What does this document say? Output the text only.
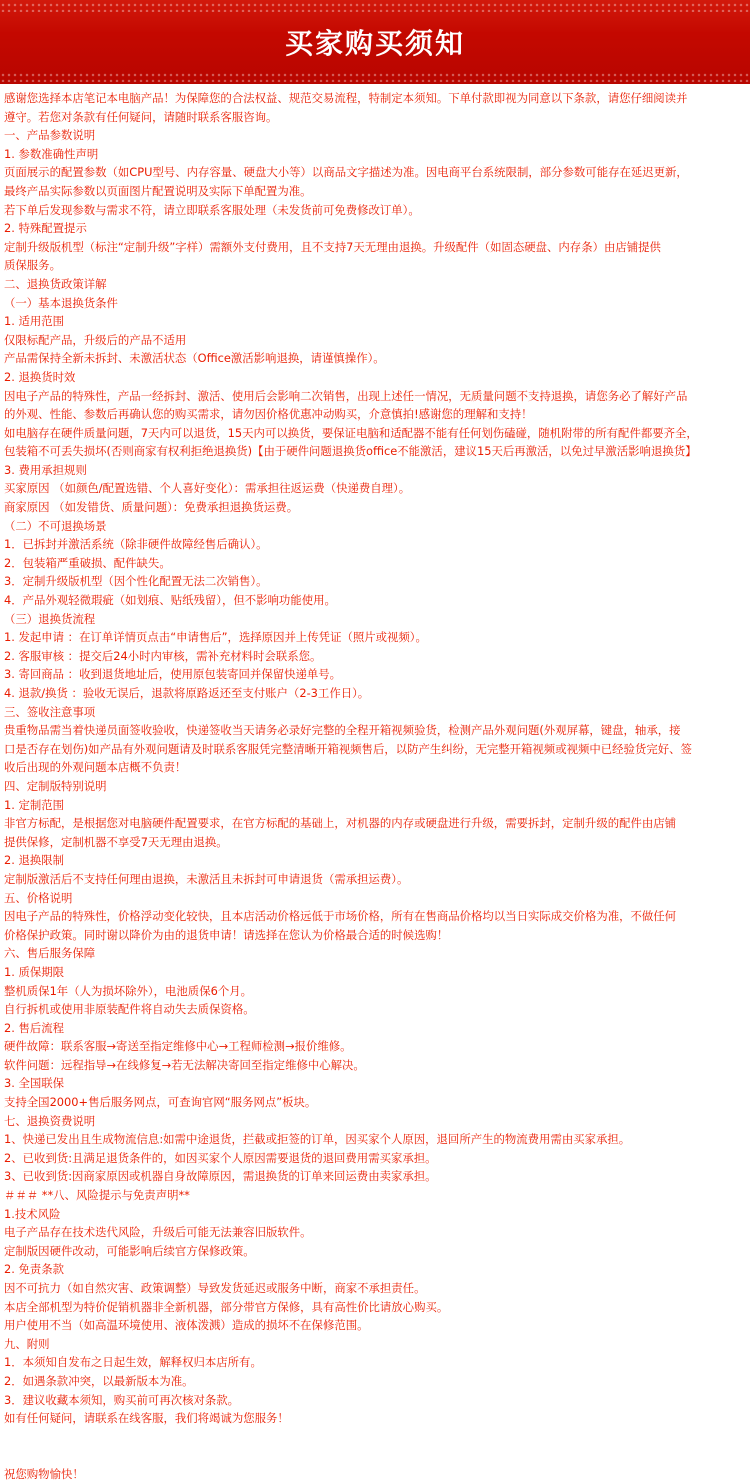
买家购买须知
感谢您选择本店笔记本电脑产品！为保障您的合法权益、规范交易流程，特制定本须知。下单付款即视为同意以下条款，请您仔细阅读并
遵守。若您对条款有任何疑问，请随时联系客服咨询。
一、产品参数说明
1. 参数准确性声明
页面展示的配置参数（如CPU型号、内存容量、硬盘大小等）以商品文字描述为准。因电商平台系统限制，部分参数可能存在延迟更新，
最终产品实际参数以页面图片配置说明及实际下单配置为准。
若下单后发现参数与需求不符，请立即联系客服处理（未发货前可免费修改订单）。
2. 特殊配置提示
定制升级版机型（标注“定制升级”字样）需额外支付费用，且不支持7天无理由退换。升级配件（如固态硬盘、内存条）由店铺提供
质保服务。
二、退换货政策详解
（一）基本退换货条件
1. 适用范围
仅限标配产品，升级后的产品不适用
产品需保持全新未拆封、未激活状态（Office激活影响退换，请谨慎操作）。
2. 退换货时效
因电子产品的特殊性，产品一经拆封、激活、使用后会影响二次销售，出现上述任一情况，无质量问题不支持退换，请您务必了解好产品
的外观、性能、参数后再确认您的购买需求，请勿因价格优惠冲动购买，介意慎拍!感谢您的理解和支持！
如电脑存在硬件质量问题，7天内可以退货，15天内可以换货，要保证电脑和适配器不能有任何划伤磕碰，随机附带的所有配件都要齐全，
包装箱不可丢失损坏(否则商家有权利拒绝退换货)【由于硬件问题退换货office不能激活，建议15天后再激活，以免过早激活影响退换货】
3. 费用承担规则
买家原因 （如颜色/配置选错、个人喜好变化）：需承担往返运费（快递费自理）。
商家原因 （如发错货、质量问题）：免费承担退换货运费。
（二）不可退换场景
1．已拆封并激活系统（除非硬件故障经售后确认）。
2．包装箱严重破损、配件缺失。
3．定制升级版机型（因个性化配置无法二次销售）。
4．产品外观轻微瑕疵（如划痕、贴纸残留），但不影响功能使用。
（三）退换货流程
1. 发起申请 ：在订单详情页点击“申请售后”，选择原因并上传凭证（照片或视频）。
2. 客服审核 ：提交后24小时内审核，需补充材料时会联系您。
3. 寄回商品 ：收到退货地址后，使用原包装寄回并保留快递单号。
4. 退款/换货 ：验收无误后，退款将原路返还至支付账户（2-3工作日）。
三、签收注意事项
贵重物品需当着快递员面签收验收，快递签收当天请务必录好完整的全程开箱视频验货，检测产品外观问题(外观屏幕，键盘，轴承，接
口是否存在划伤)如产品有外观问题请及时联系客服凭完整清晰开箱视频售后，以防产生纠纷，无完整开箱视频或视频中已经验货完好、签
收后出现的外观问题本店概不负责！
四、定制版特别说明
1. 定制范围
非官方标配，是根据您对电脑硬件配置要求，在官方标配的基础上，对机器的内存或硬盘进行升级，需要拆封，定制升级的配件由店铺
提供保修，定制机器不享受7天无理由退换。
2. 退换限制
定制版激活后不支持任何理由退换，未激活且未拆封可申请退货（需承担运费）。
五、价格说明
因电子产品的特殊性，价格浮动变化较快，且本店活动价格远低于市场价格，所有在售商品价格均以当日实际成交价格为准，不做任何
价格保护政策。同时谢以降价为由的退货申请！请选择在您认为价格最合适的时候选购！
六、售后服务保障
1. 质保期限
整机质保1年（人为损坏除外），电池质保6个月。
自行拆机或使用非原装配件将自动失去质保资格。
2. 售后流程
硬件故障：联系客服→寄送至指定维修中心→工程师检测→报价维修。
软件问题：远程指导→在线修复→若无法解决寄回至指定维修中心解决。
3. 全国联保
支持全国2000+售后服务网点，可查询官网“服务网点”板块。
七、退换资费说明
1、快递已发出且生成物流信息:如需中途退货，拦截或拒签的订单，因买家个人原因，退回所产生的物流费用需由买家承担。
2、已收到货:且满足退货条件的，如因买家个人原因需要退货的退回费用需买家承担。
3、已收到货:因商家原因或机器自身故障原因，需退换货的订单来回运费由卖家承担。
＃＃＃ **八、风险提示与免责声明**
1.技术风险
电子产品存在技术迭代风险，升级后可能无法兼容旧版软件。
定制版因硬件改动，可能影响后续官方保修政策。
2. 免责条款
因不可抗力（如自然灾害、政策调整）导致发货延迟或服务中断，商家不承担责任。
本店全部机型为特价促销机器非全新机器，部分带官方保修，具有高性价比请放心购买。
用户使用不当（如高温环境使用、液体泼溅）造成的损坏不在保修范围。
九、附则
1．本须知自发布之日起生效，解释权归本店所有。
2．如遇条款冲突，以最新版本为准。
3．建议收藏本须知，购买前可再次核对条款。
如有任何疑问，请联系在线客服，我们将竭诚为您服务！
祝您购物愉快！
